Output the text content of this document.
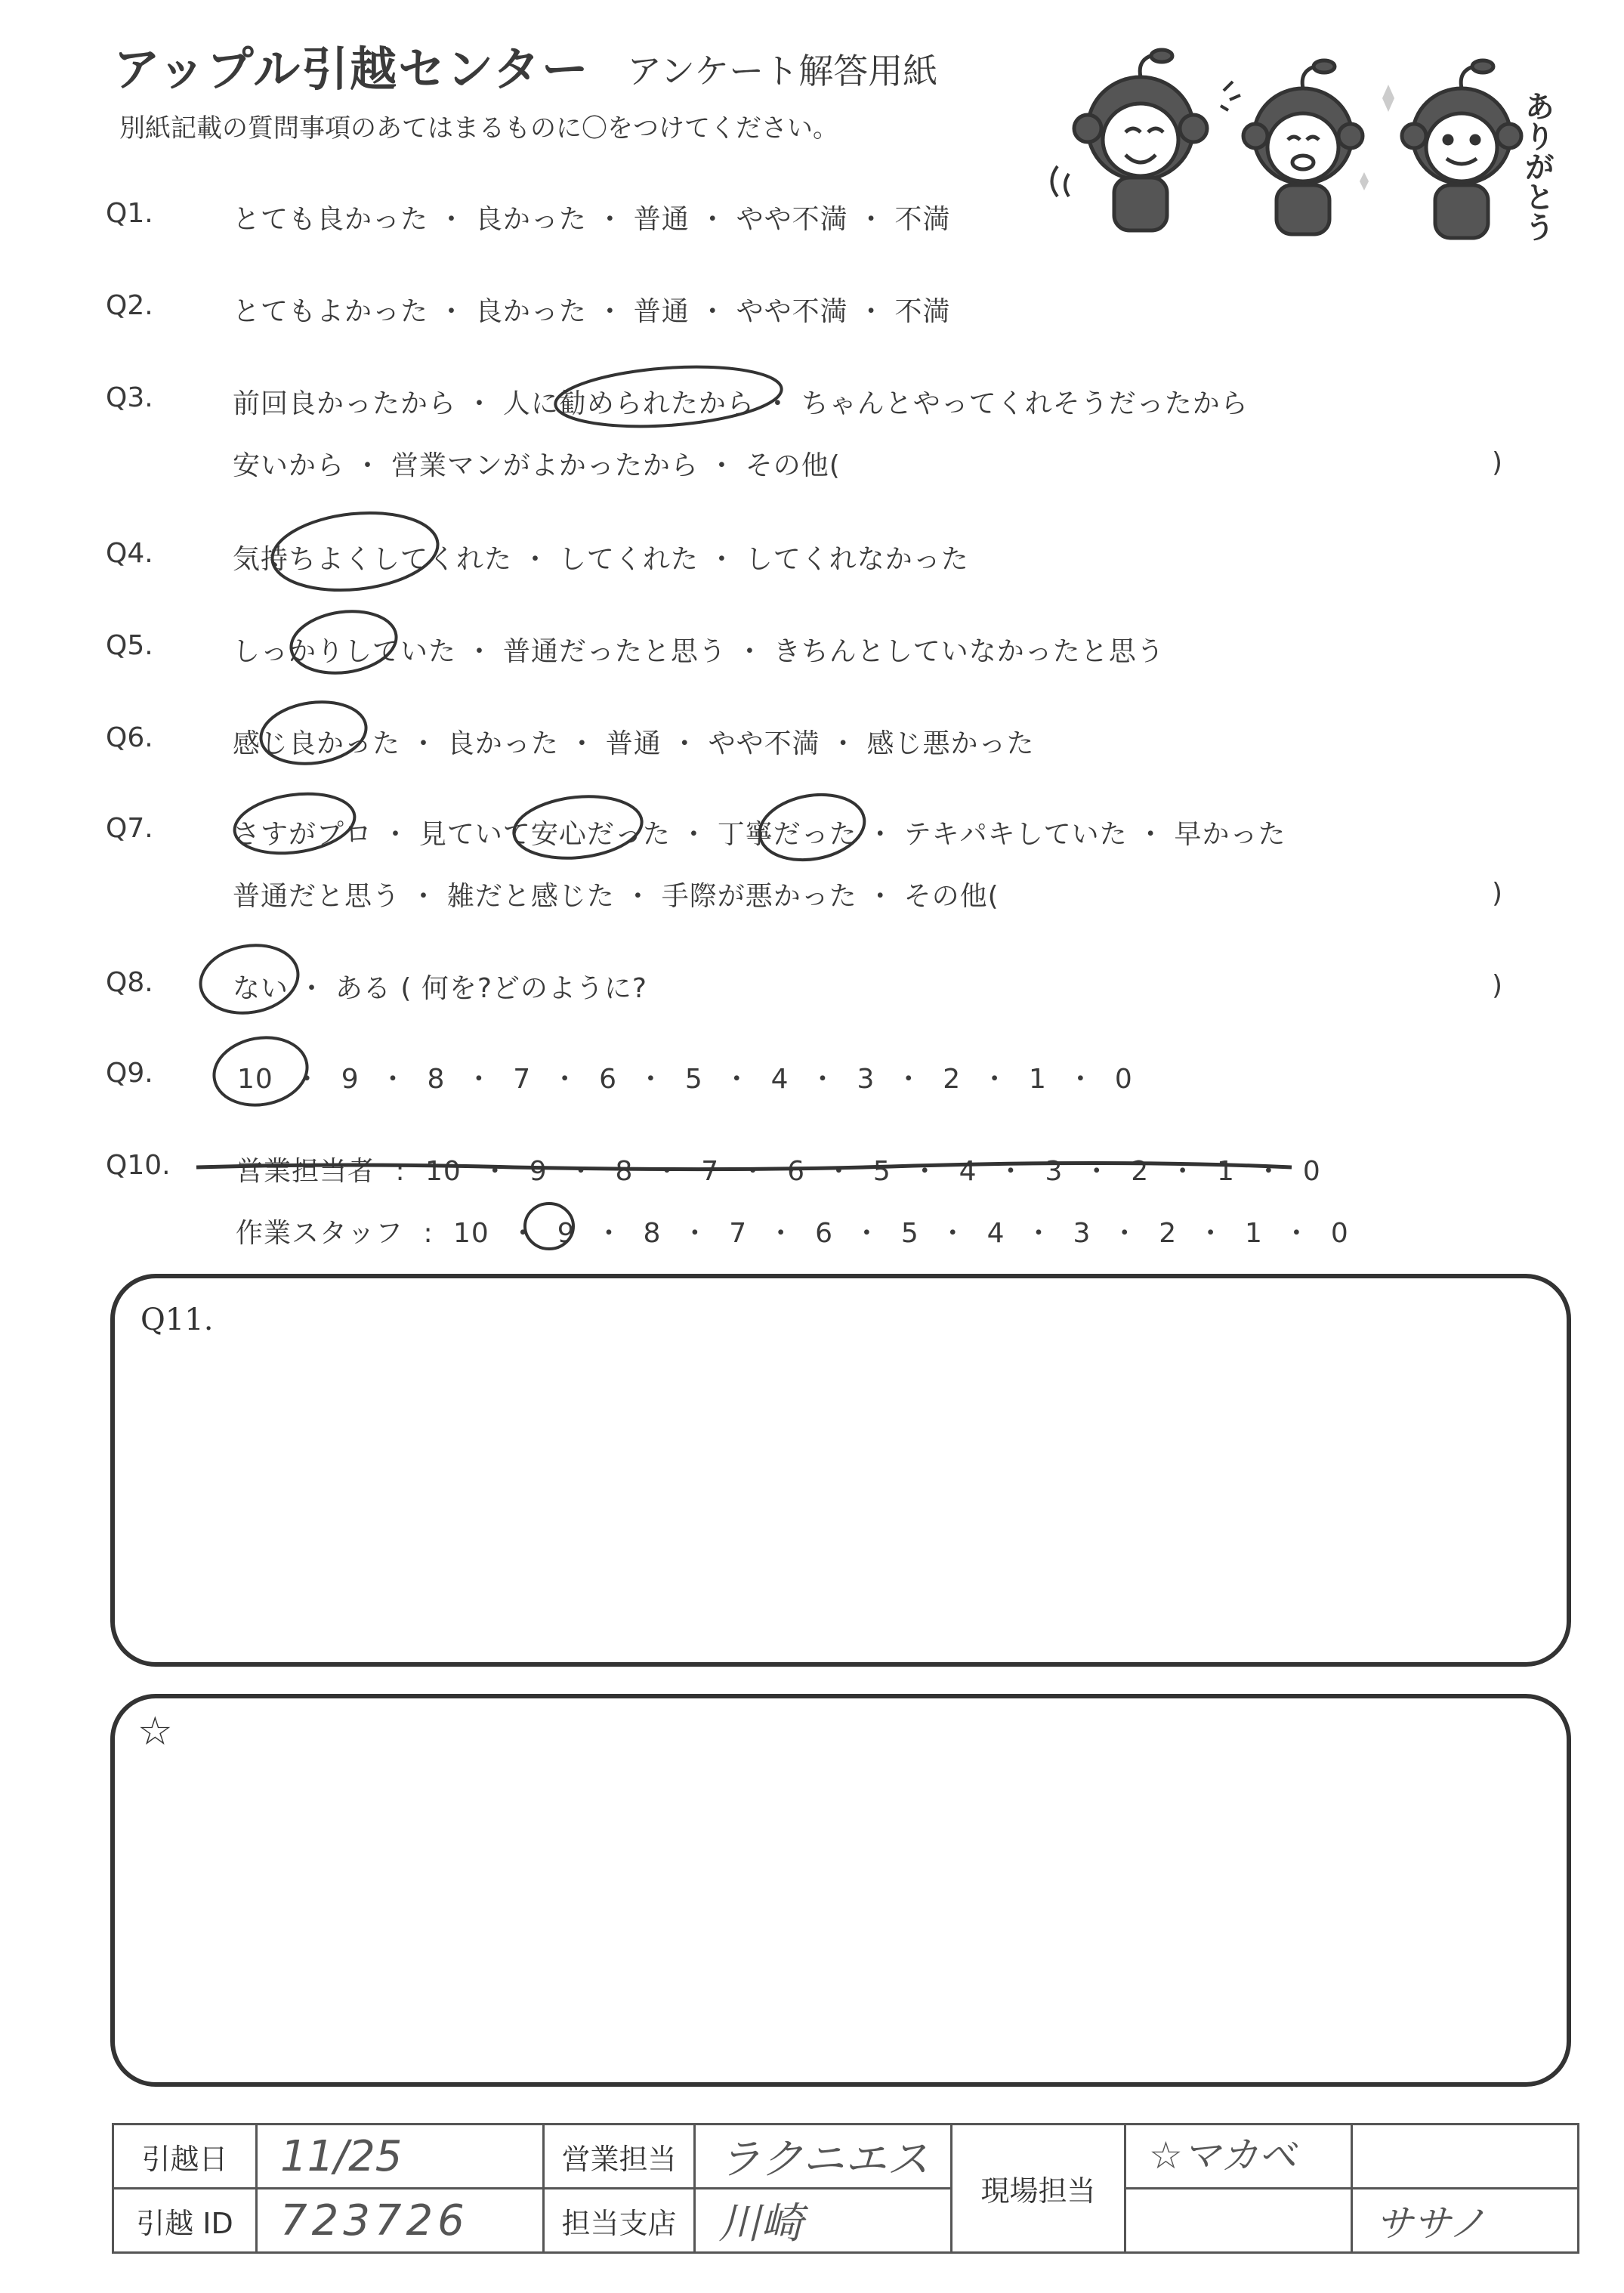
アップル引越センター アンケート解答用紙
別紙記載の質問事項のあてはまるものに〇をつけてください。	ありがとう
Q1.	とても良かった ・ 良かった ・ 普通 ・ やや不満 ・ 不満
Q2.	とてもよかった ・ 良かった ・ 普通 ・ やや不満 ・ 不満
Q3.	前回良かったから ・ 人に勧められたから ・ ちゃんとやってくれそうだったから
安いから ・ 営業マンがよかったから ・ その他(	)
Q4.	気持ちよくしてくれた ・ してくれた ・ してくれなかった
Q5.	しっかりしていた ・ 普通だったと思う ・ きちんとしていなかったと思う
Q6.	感じ良かった ・ 良かった ・ 普通 ・ やや不満 ・ 感じ悪かった
Q7.	さすがプロ ・ 見ていて安心だった ・ 丁寧だった ・ テキパキしていた ・ 早かった
普通だと思う ・ 雑だと感じた ・ 手際が悪かった ・ その他(	)
Q8.	ない ・ ある ( 何を?どのように?	)
Q9.	10 ・ 9 ・ 8 ・ 7 ・ 6 ・ 5 ・ 4 ・ 3 ・ 2 ・ 1 ・ 0
Q10. 営業担当者 : 10 ・ 9 ・ 8 ・ 7 ・ 6 ・ 5 ・ 4 ・ 3 ・ 2 ・ 1 ・ 0
作業スタッフ : 10 ・ 9 ・ 8 ・ 7 ・ 6 ・ 5 ・ 4 ・ 3 ・ 2 ・ 1 ・ 0
Q11.
☆
引越日	11/25	営業担当	ラクニエス	現場担当	☆マカベ	
引越 ID	723726	担当支店	川崎			ササノ
